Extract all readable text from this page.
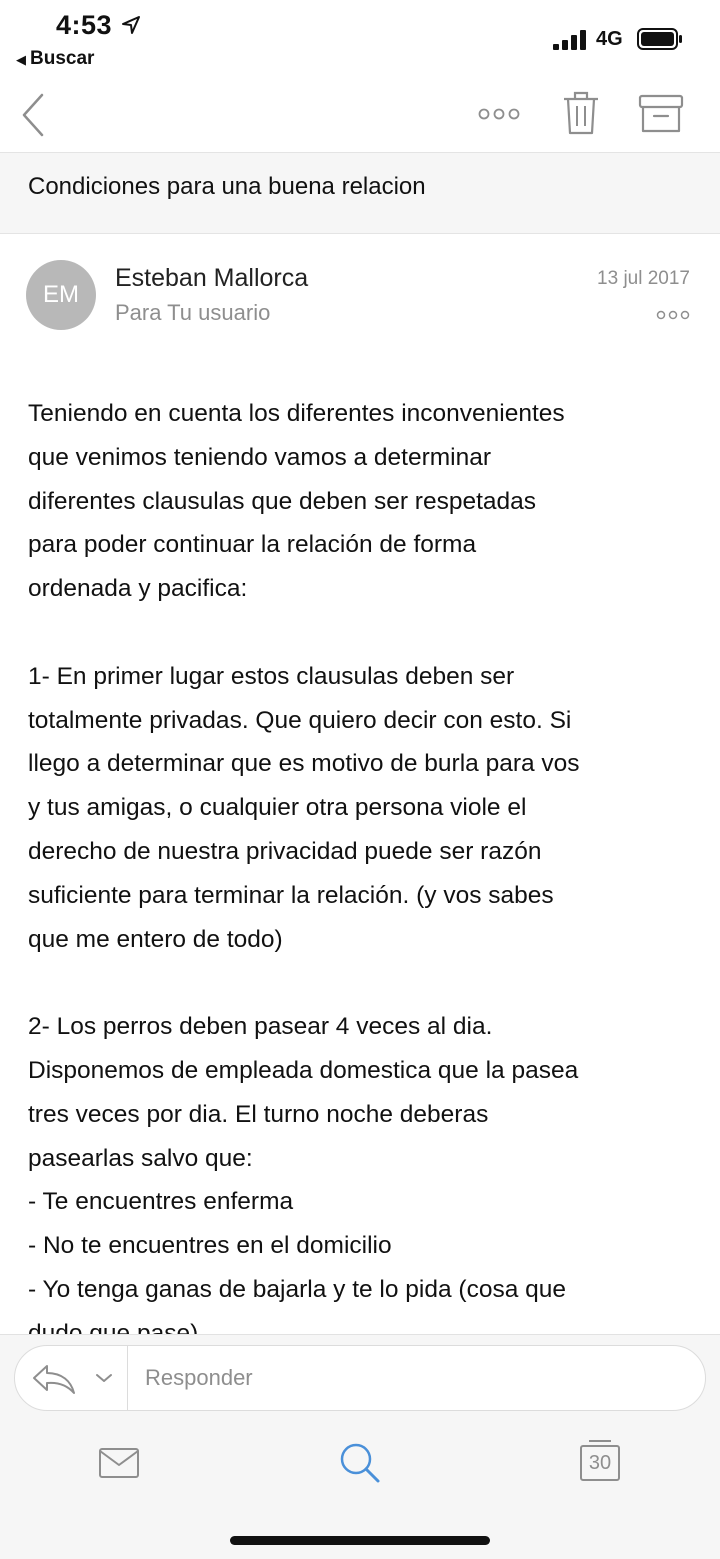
4:53
◀ Buscar
4G
Condiciones para una buena relacion
EM
Esteban Mallorca
Para Tu usuario
13 jul 2017

Teniendo en cuenta los diferentes inconvenientes
que venimos teniendo vamos a determinar
diferentes clausulas que deben ser respetadas
para poder continuar la relación de forma
ordenada y pacifica:

1- En primer lugar estos clausulas deben ser
totalmente privadas. Que quiero decir con esto. Si
llego a determinar que es motivo de burla para vos
y tus amigas, o cualquier otra persona viole el
derecho de nuestra privacidad puede ser razón
suficiente para terminar la relación. (y vos sabes
que me entero de todo)

2- Los perros deben pasear 4 veces al dia.
Disponemos de empleada domestica que la pasea
tres veces por dia. El turno noche deberas
pasearlas salvo que:
- Te encuentres enferma
- No te encuentres en el domicilio
- Yo tenga ganas de bajarla y te lo pida (cosa que

Responder
30
